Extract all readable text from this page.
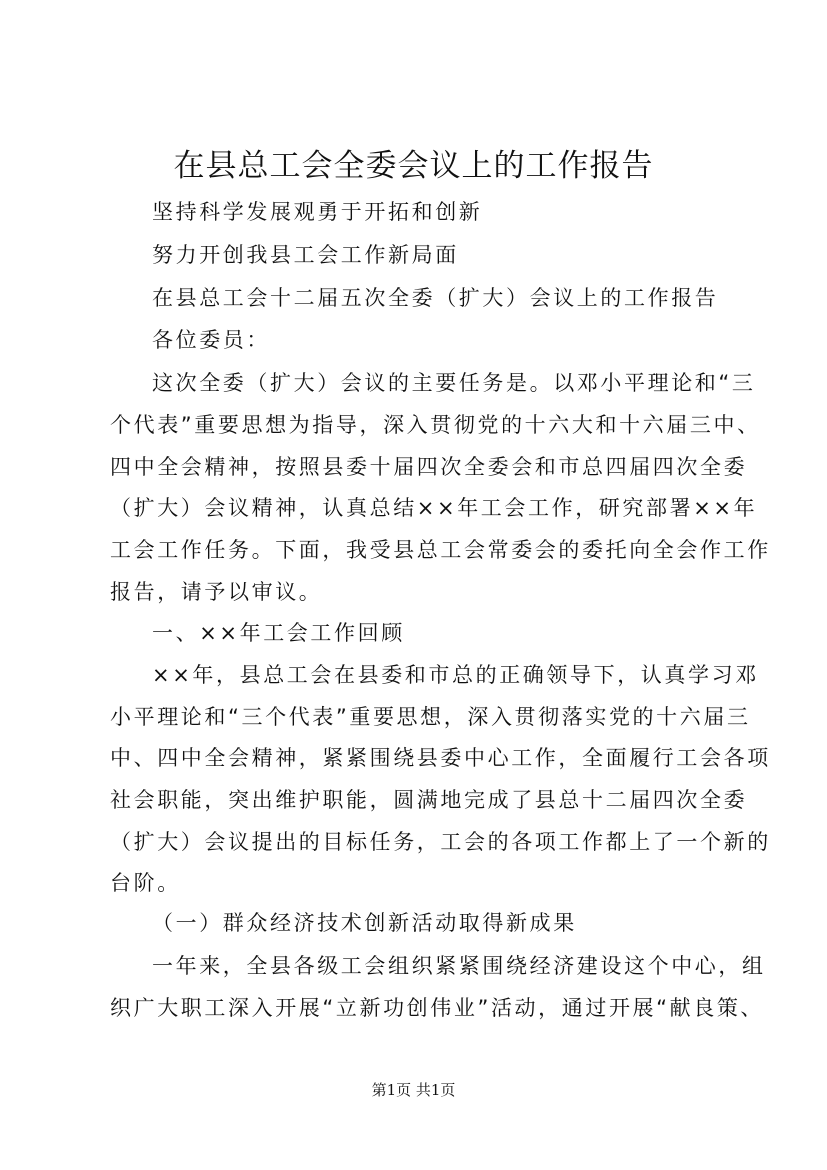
在县总工会全委会议上的工作报告
坚持科学发展观勇于开拓和创新
努力开创我县工会工作新局面
在县总工会十二届五次全委（扩大）会议上的工作报告
各位委员：
这次全委（扩大）会议的主要任务是。以邓小平理论和“三
个代表”重要思想为指导，深入贯彻党的十六大和十六届三中、
四中全会精神，按照县委十届四次全委会和市总四届四次全委
（扩大）会议精神，认真总结××年工会工作，研究部署××年
工会工作任务。下面，我受县总工会常委会的委托向全会作工作
报告，请予以审议。
一、××年工会工作回顾
××年，县总工会在县委和市总的正确领导下，认真学习邓
小平理论和“三个代表”重要思想，深入贯彻落实党的十六届三
中、四中全会精神，紧紧围绕县委中心工作，全面履行工会各项
社会职能，突出维护职能，圆满地完成了县总十二届四次全委
（扩大）会议提出的目标任务，工会的各项工作都上了一个新的
台阶。
（一）群众经济技术创新活动取得新成果
一年来，全县各级工会组织紧紧围绕经济建设这个中心，组
织广大职工深入开展“立新功创伟业”活动，通过开展“献良策、
第1页 共1页
